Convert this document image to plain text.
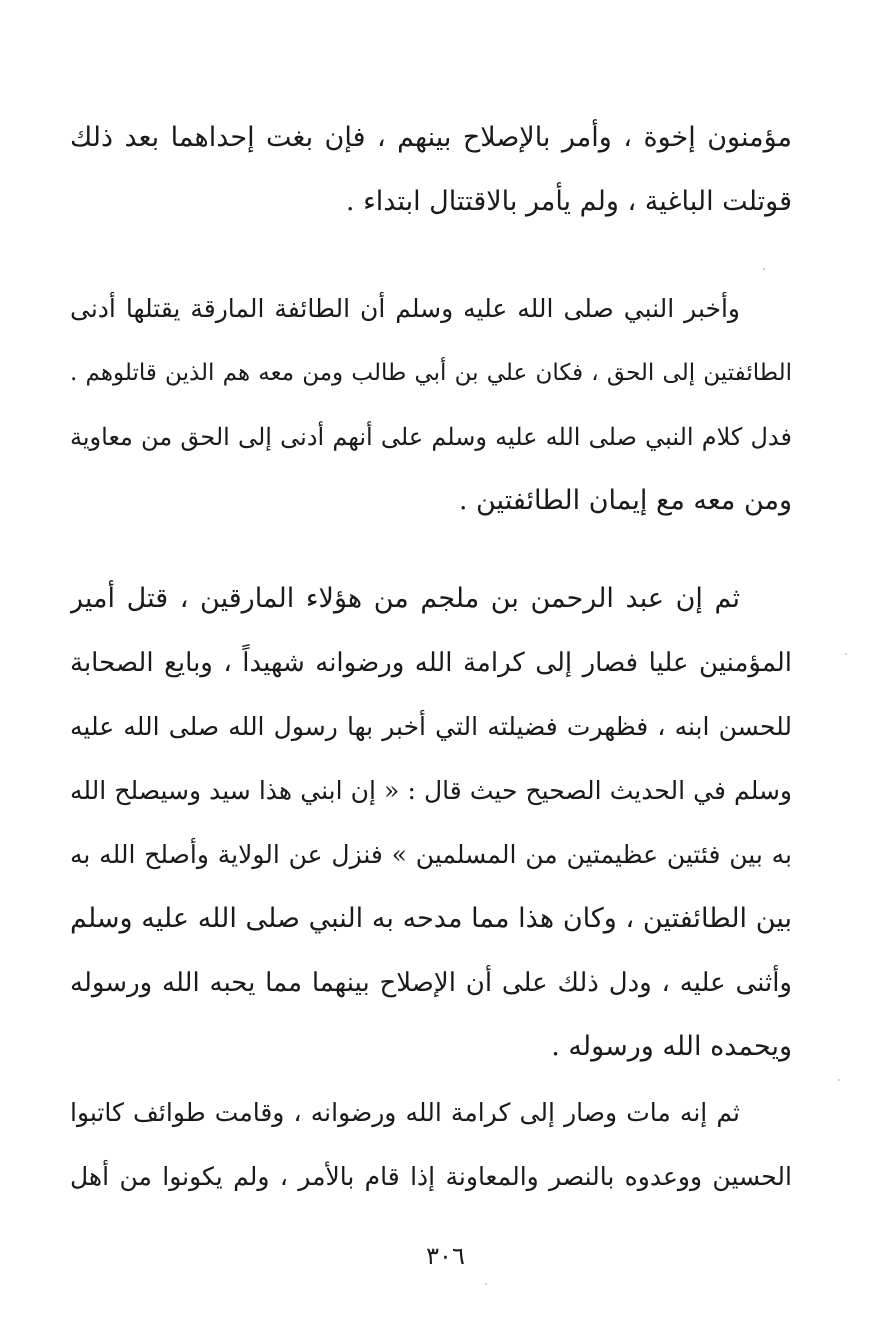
مؤمنون إخوة ، وأمر بالإصلاح بينهم ، فإن بغت إحداهما بعد ذلك
قوتلت الباغية ، ولم يأمر بالاقتتال ابتداء .
وأخبر النبي صلى الله عليه وسلم أن الطائفة المارقة يقتلها أدنى
الطائفتين إلى الحق ، فكان علي بن أبي طالب ومن معه هم الذين قاتلوهم .
فدل كلام النبي صلى الله عليه وسلم على أنهم أدنى إلى الحق من معاوية
ومن معه مع إيمان الطائفتين .
ثم إن عبد الرحمن بن ملجم من هؤلاء المارقين ، قتل أمير
المؤمنين عليا فصار إلى كرامة الله ورضوانه شهيداً ، وبايع الصحابة
للحسن ابنه ، فظهرت فضيلته التي أخبر بها رسول الله صلى الله عليه
وسلم في الحديث الصحيح حيث قال : « إن ابني هذا سيد وسيصلح الله
به بين فئتين عظيمتين من المسلمين » فنزل عن الولاية وأصلح الله به
بين الطائفتين ، وكان هذا مما مدحه به النبي صلى الله عليه وسلم
وأثنى عليه ، ودل ذلك على أن الإصلاح بينهما مما يحبه الله ورسوله
ويحمده الله ورسوله .
ثم إنه مات وصار إلى كرامة الله ورضوانه ، وقامت طوائف كاتبوا
الحسين ووعدوه بالنصر والمعاونة إذا قام بالأمر ، ولم يكونوا من أهل
٣٠٦
